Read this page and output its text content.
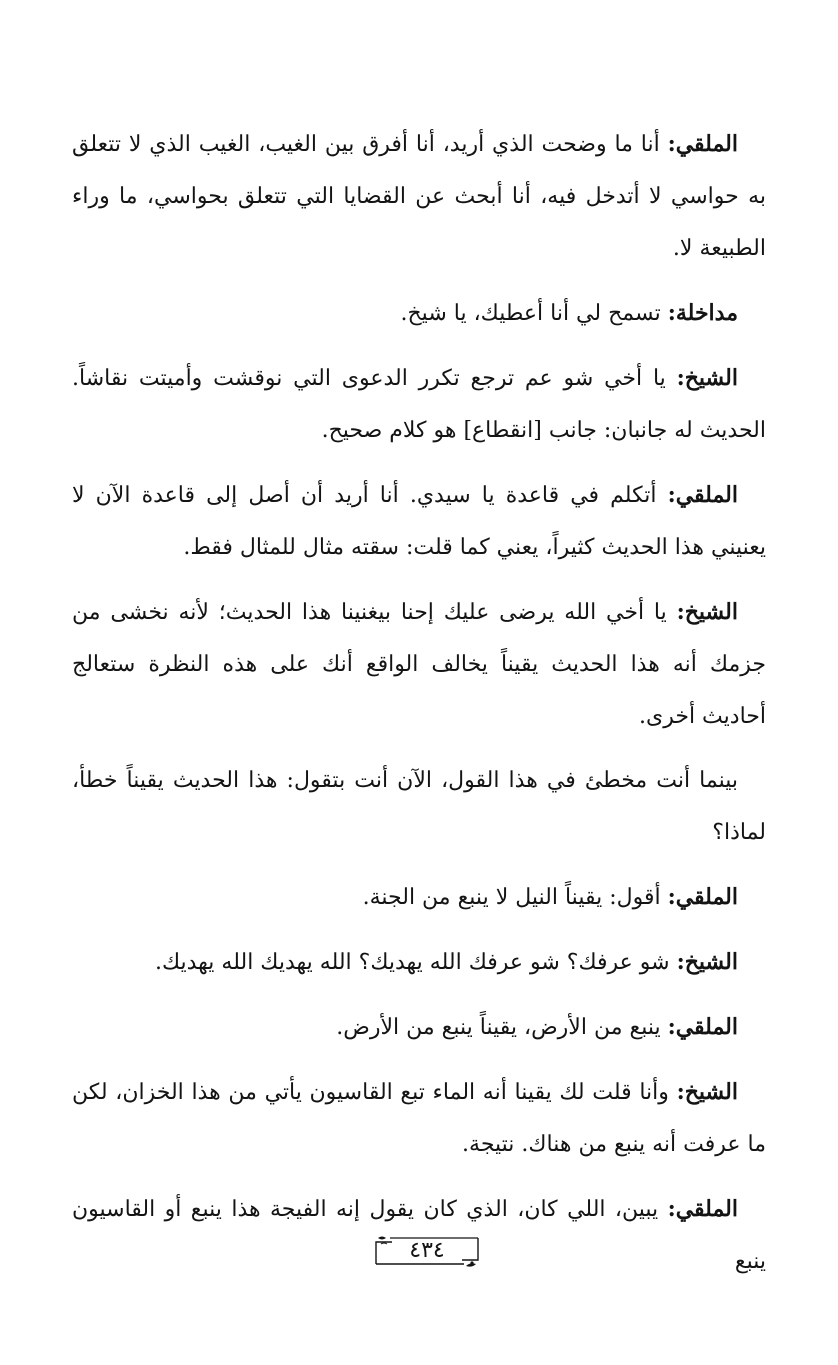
الملقي: أنا ما وضحت الذي أريد، أنا أفرق بين الغيب، الغيب الذي لا تتعلق به حواسي لا أتدخل فيه، أنا أبحث عن القضايا التي تتعلق بحواسي، ما وراء الطبيعة لا.

مداخلة: تسمح لي أنا أعطيك، يا شيخ.

الشيخ: يا أخي شو عم ترجع تكرر الدعوى التي نوقشت وأميتت نقاشاً. الحديث له جانبان: جانب [انقطاع] هو كلام صحيح.

الملقي: أتكلم في قاعدة يا سيدي. أنا أريد أن أصل إلى قاعدة الآن لا يعنيني هذا الحديث كثيراً، يعني كما قلت: سقته مثال للمثال فقط.

الشيخ: يا أخي الله يرضى عليك إحنا بيغنينا هذا الحديث؛ لأنه نخشى من جزمك أنه هذا الحديث يقيناً يخالف الواقع أنك على هذه النظرة ستعالج أحاديث أخرى.

بينما أنت مخطئ في هذا القول، الآن أنت بتقول: هذا الحديث يقيناً خطأ، لماذا؟

الملقي: أقول: يقيناً النيل لا ينبع من الجنة.

الشيخ: شو عرفك؟ شو عرفك الله يهديك؟ الله يهديك الله يهديك.

الملقي: ينبع من الأرض، يقيناً ينبع من الأرض.

الشيخ: وأنا قلت لك يقينا أنه الماء تبع القاسيون يأتي من هذا الخزان، لكن ما عرفت أنه ينبع من هناك. نتيجة.

الملقي: يبين، اللي كان، الذي كان يقول إنه الفيجة هذا ينبع أو القاسيون ينبع

٤٣٤
